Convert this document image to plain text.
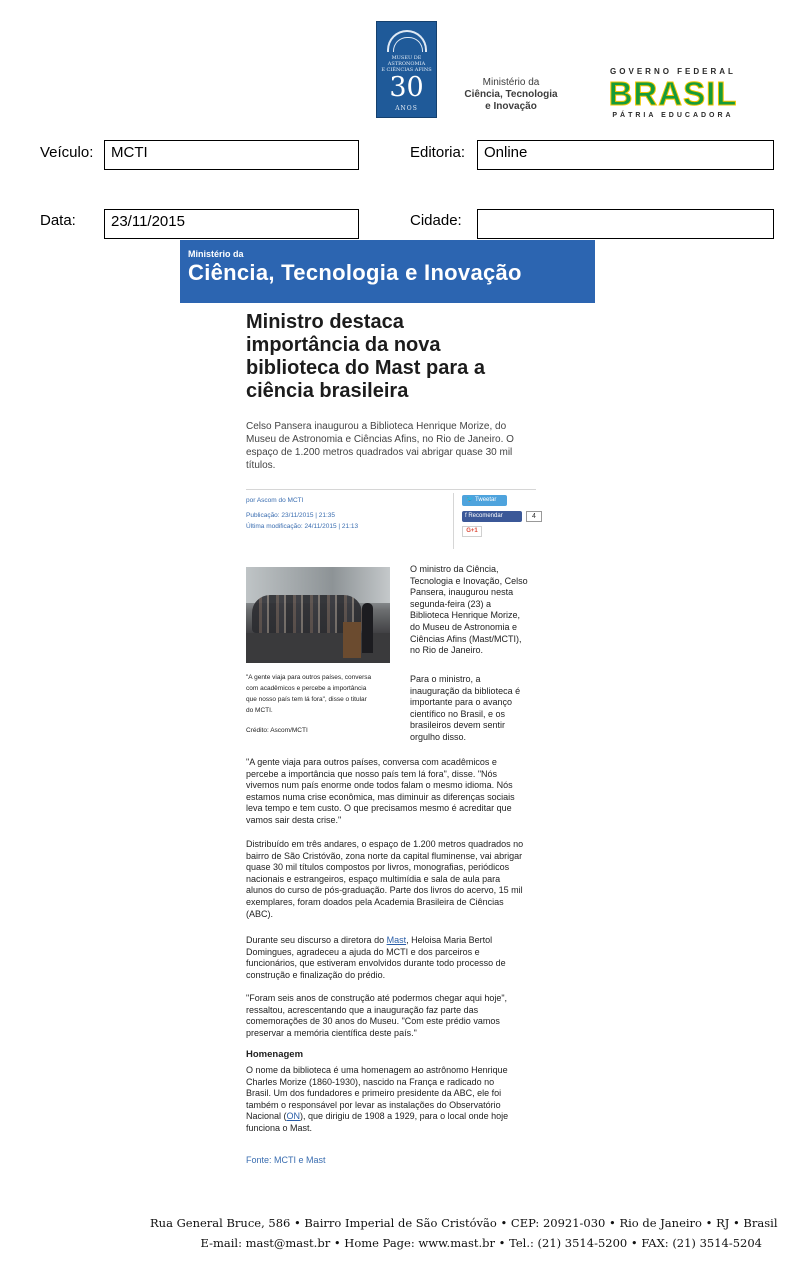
MUSEU DE
ASTRONOMIA
E CIÊNCIAS AFINS
30
ANOS
Ministério da
Ciência, Tecnologia
e Inovação
GOVERNO FEDERAL
BRASIL
PÁTRIA EDUCADORA
Veículo:	MCTI	Editoria:	Online
Data:	23/11/2015	Cidade:
Ministério da
Ciência, Tecnologia e Inovação
Ministro destaca
importância da nova
biblioteca do Mast para a
ciência brasileira
Celso Pansera inaugurou a Biblioteca Henrique Morize, do
Museu de Astronomia e Ciências Afins, no Rio de Janeiro. O
espaço de 1.200 metros quadrados vai abrigar quase 30 mil
títulos.
por Ascom do MCTI
Publicação: 23/11/2015 | 21:35
Última modificação: 24/11/2015 | 21:13
🐦 Tweetar
f Recomendar	4
G+1
"A gente viaja para outros países, conversa
com acadêmicos e percebe a importância
que nosso país tem lá fora", disse o titular
do MCTI.
Crédito: Ascom/MCTI
O ministro da Ciência,
Tecnologia e Inovação, Celso
Pansera, inaugurou nesta
segunda-feira (23) a
Biblioteca Henrique Morize,
do Museu de Astronomia e
Ciências Afins (Mast/MCTI),
no Rio de Janeiro.
Para o ministro, a
inauguração da biblioteca é
importante para o avanço
científico no Brasil, e os
brasileiros devem sentir
orgulho disso.
"A gente viaja para outros países, conversa com acadêmicos e
percebe a importância que nosso país tem lá fora", disse. "Nós
vivemos num país enorme onde todos falam o mesmo idioma. Nós
estamos numa crise econômica, mas diminuir as diferenças sociais
leva tempo e tem custo. O que precisamos mesmo é acreditar que
vamos sair desta crise."
Distribuído em três andares, o espaço de 1.200 metros quadrados no
bairro de São Cristóvão, zona norte da capital fluminense, vai abrigar
quase 30 mil títulos compostos por livros, monografias, periódicos
nacionais e estrangeiros, espaço multimídia e sala de aula para
alunos do curso de pós-graduação. Parte dos livros do acervo, 15 mil
exemplares, foram doados pela Academia Brasileira de Ciências
(ABC).
Durante seu discurso a diretora do Mast, Heloisa Maria Bertol
Domingues, agradeceu a ajuda do MCTI e dos parceiros e
funcionários, que estiveram envolvidos durante todo processo de
construção e finalização do prédio.
"Foram seis anos de construção até podermos chegar aqui hoje",
ressaltou, acrescentando que a inauguração faz parte das
comemorações de 30 anos do Museu. "Com este prédio vamos
preservar a memória científica deste país."
Homenagem
O nome da biblioteca é uma homenagem ao astrônomo Henrique
Charles Morize (1860-1930), nascido na França e radicado no
Brasil. Um dos fundadores e primeiro presidente da ABC, ele foi
também o responsável por levar as instalações do Observatório
Nacional (ON), que dirigiu de 1908 a 1929, para o local onde hoje
funciona o Mast.
Fonte: MCTI e Mast
Rua General Bruce, 586 • Bairro Imperial de São Cristóvão • CEP: 20921-030 • Rio de Janeiro • RJ • Brasil
E-mail: mast@mast.br • Home Page: www.mast.br • Tel.: (21) 3514-5200 • FAX: (21) 3514-5204
